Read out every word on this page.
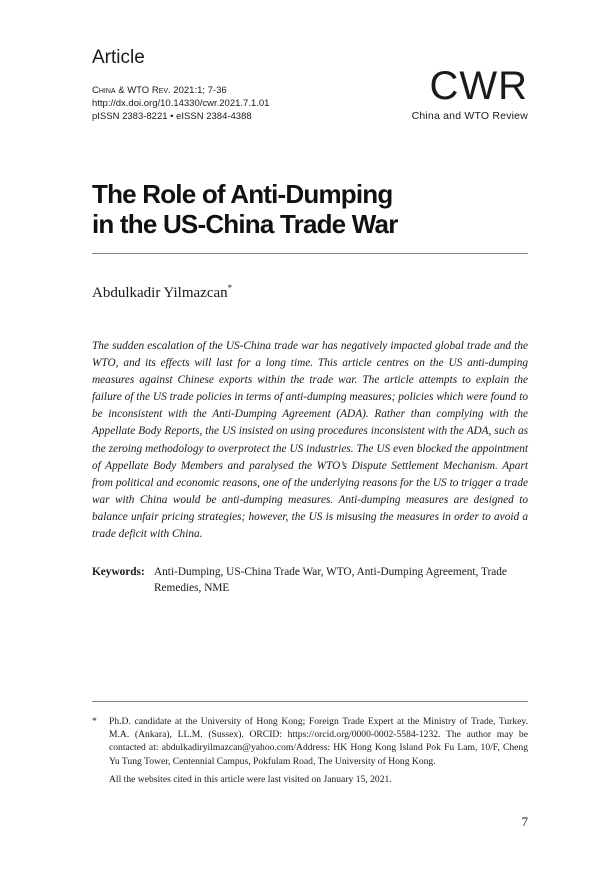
Article
China & WTO Rev. 2021:1; 7-36
http://dx.doi.org/10.14330/cwr.2021.7.1.01
pISSN 2383-8221 • eISSN 2384-4388
CWR
China and WTO Review
The Role of Anti-Dumping
in the US-China Trade War
Abdulkadir Yilmazcan*
The sudden escalation of the US-China trade war has negatively impacted global trade and the WTO, and its effects will last for a long time. This article centres on the US anti-dumping measures against Chinese exports within the trade war. The article attempts to explain the failure of the US trade policies in terms of anti-dumping measures; policies which were found to be inconsistent with the Anti-Dumping Agreement (ADA). Rather than complying with the Appellate Body Reports, the US insisted on using procedures inconsistent with the ADA, such as the zeroing methodology to overprotect the US industries. The US even blocked the appointment of Appellate Body Members and paralysed the WTO’s Dispute Settlement Mechanism. Apart from political and economic reasons, one of the underlying reasons for the US to trigger a trade war with China would be anti-dumping measures. Anti-dumping measures are designed to balance unfair pricing strategies; however, the US is misusing the measures in order to avoid a trade deficit with China.
Keywords: Anti-Dumping, US-China Trade War, WTO, Anti-Dumping Agreement, Trade Remedies, NME
* Ph.D. candidate at the University of Hong Kong; Foreign Trade Expert at the Ministry of Trade, Turkey. M.A. (Ankara), LL.M. (Sussex). ORCID: https://orcid.org/0000-0002-5584-1232. The author may be contacted at: abdulkadiryilmazcan@yahoo.com/Address: HK Hong Kong Island Pok Fu Lam, 10/F, Cheng Yu Tung Tower, Centennial Campus, Pokfulam Road, The University of Hong Kong.
All the websites cited in this article were last visited on January 15, 2021.
7
